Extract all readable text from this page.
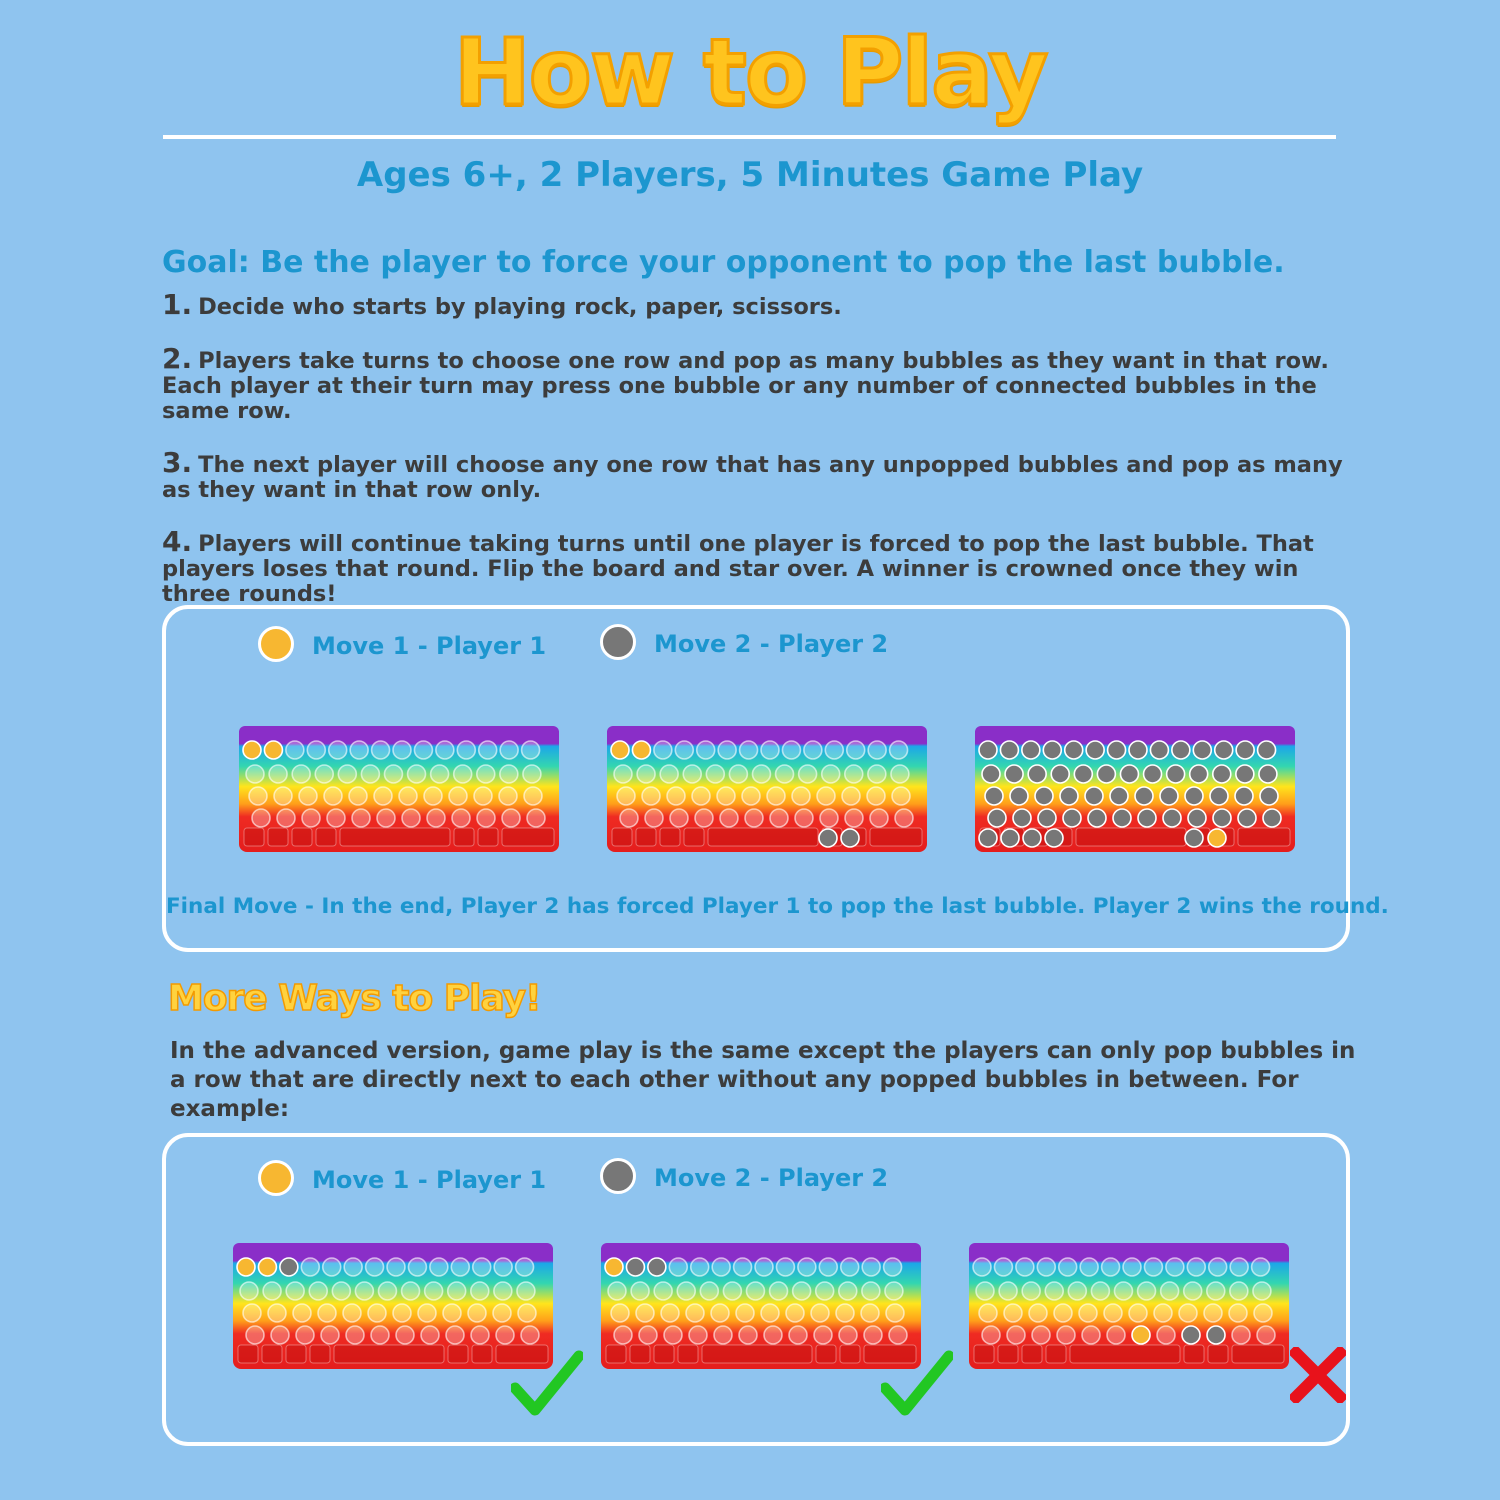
How to Play
Ages 6+, 2 Players, 5 Minutes Game Play
Goal: Be the player to force your opponent to pop the last bubble.
1. Decide who starts by playing rock, paper, scissors.
2. Players take turns to choose one row and pop as many bubbles as they want in that row. Each player at their turn may press one bubble or any number of connected bubbles in the same row.
3. The next player will choose any one row that has any unpopped bubbles and pop as many as they want in that row only.
4. Players will continue taking turns until one player is forced to pop the last bubble. That players loses that round. Flip the board and star over. A winner is crowned once they win three rounds!
Move 1 - Player 1	Move 2 - Player 2
Final Move - In the end, Player 2 has forced Player 1 to pop the last bubble. Player 2 wins the round.
More Ways to Play!
In the advanced version, game play is the same except the players can only pop bubbles in a row that are directly next to each other without any popped bubbles in between. For example:
Move 1 - Player 1	Move 2 - Player 2
